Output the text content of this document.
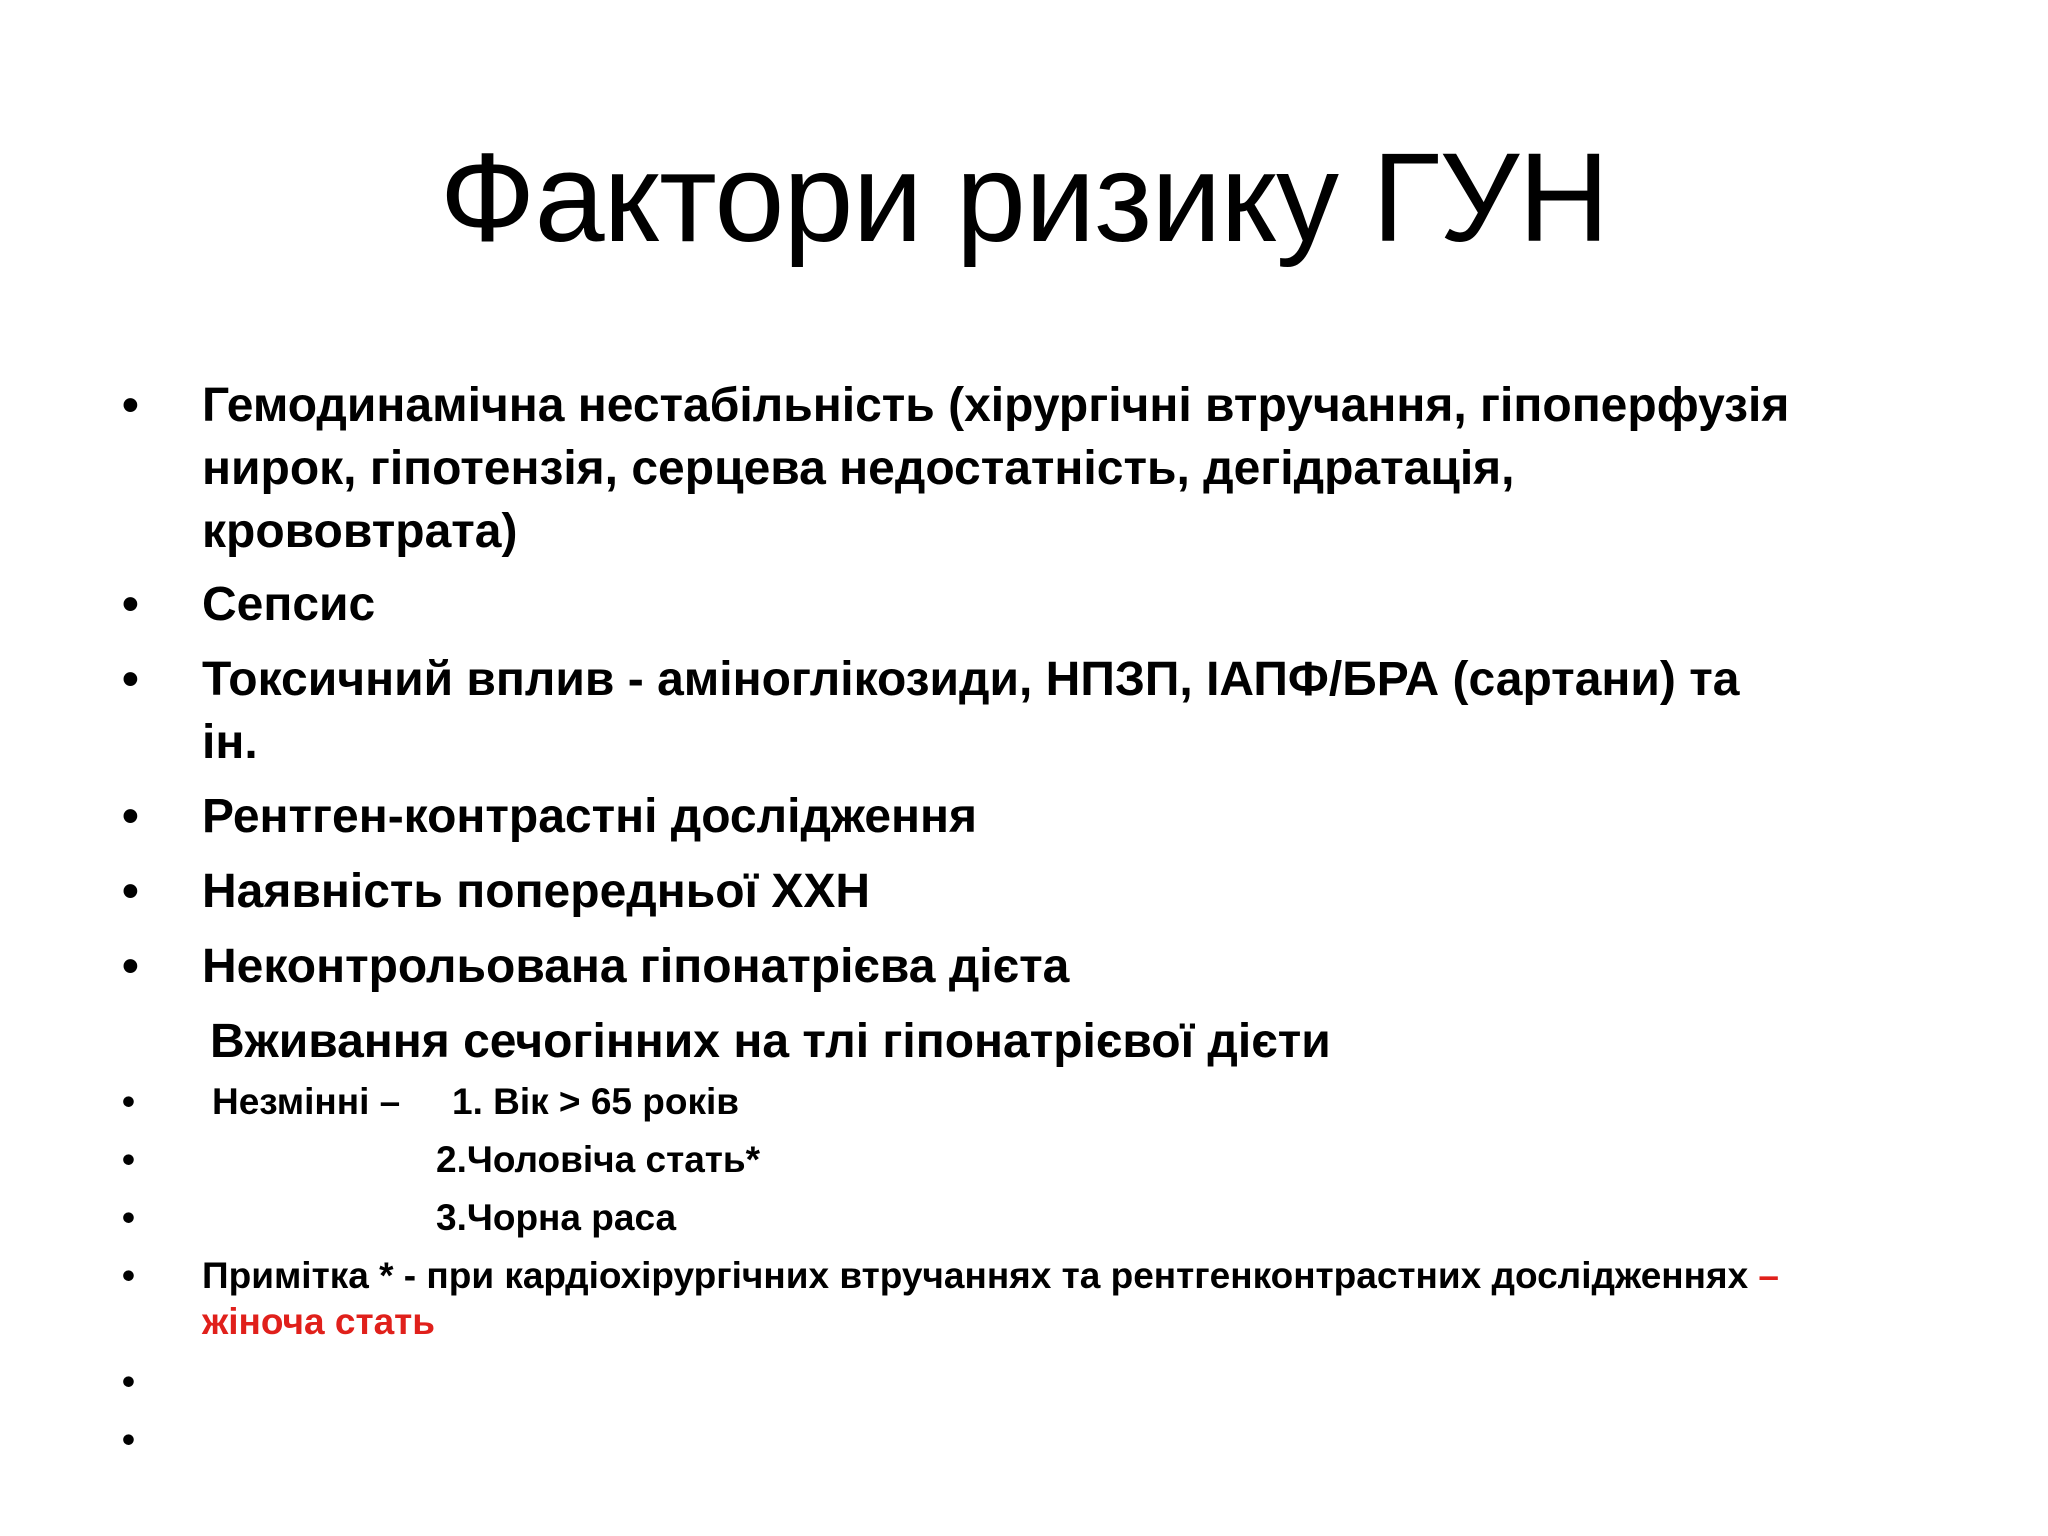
Фактори ризику ГУН
• Гемодинамічна нестабільність (хірургічні втручання, гіпоперфузія
нирок, гіпотензія, серцева недостатність, дегідратація,
крововтрата)
• Сепсис
• Токсичний вплив - аміноглікозиди, НПЗП, ІАПФ/БРА (сартани) та
ін.
• Рентген-контрастні дослідження
• Наявність попередньої ХХН
• Неконтрольована гіпонатрієва дієта
Вживання сечогінних на тлі гіпонатрієвої дієти
• Незмінні – 1. Вік > 65 років
•	2.Чоловіча стать*
•	3.Чорна раса
• Примітка * - при кардіохірургічних втручаннях та рентгенконтрастних дослідженнях –
жіноча стать
•
•
